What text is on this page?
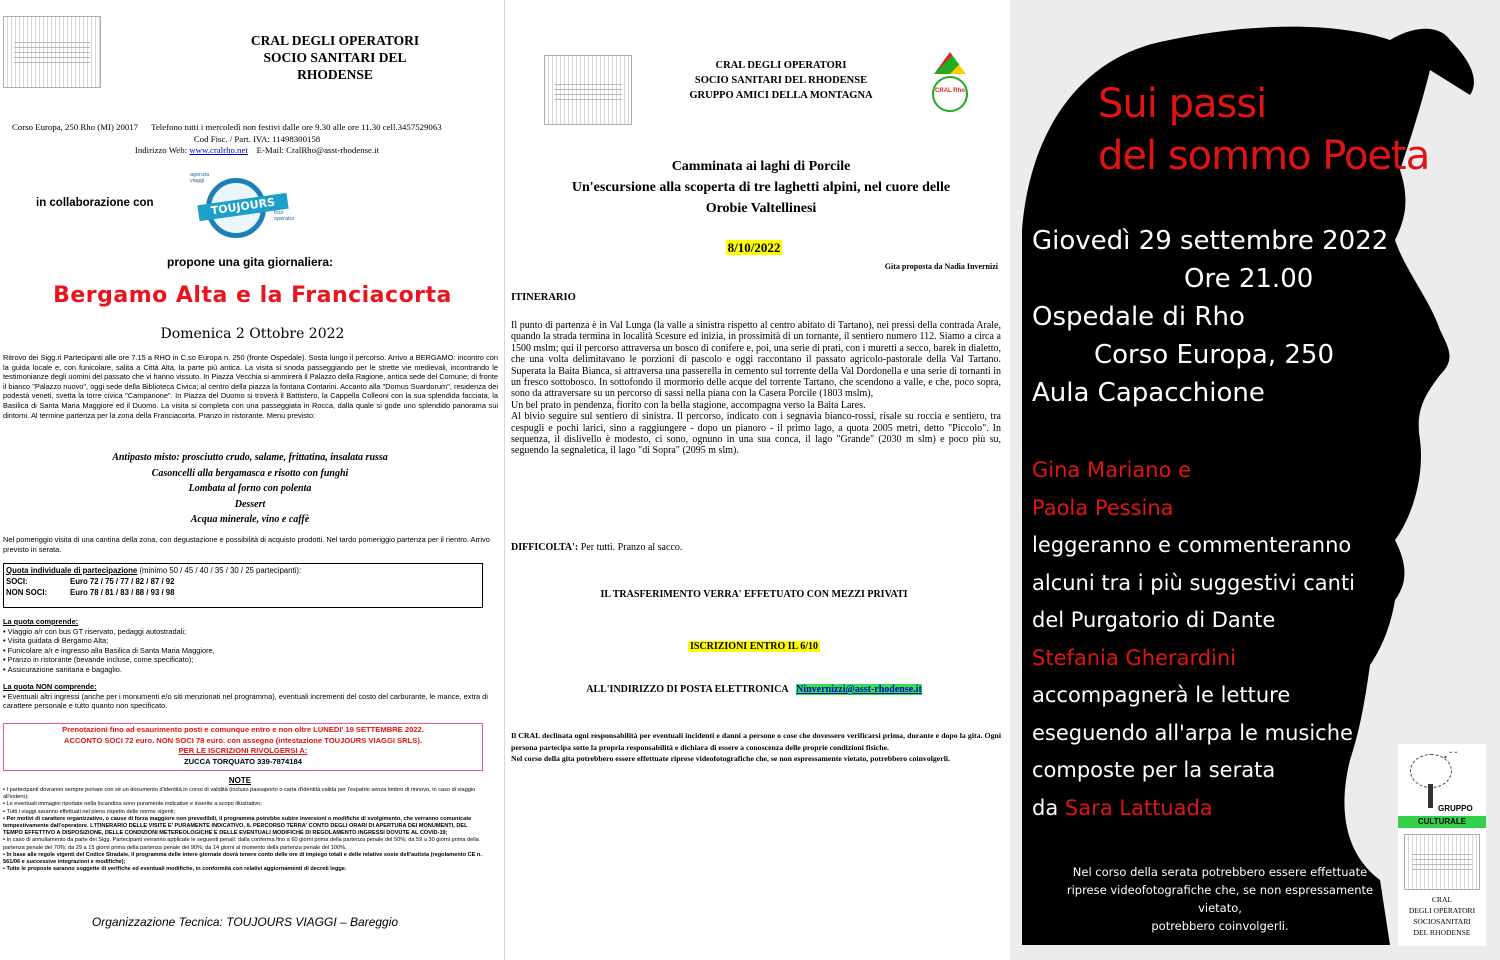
CRAL DEGLI OPERATORI
SOCIO SANITARI DEL
RHODENSE
Corso Europa, 250 Rho (MI) 20017 Telefono tutti i mercoledì non festivi dalle ore 9.30 alle ore 11.30 cell.3457529063
Cod Fisc. / Part. IVA: 11498300158
Indirizzo Web: www.cralrho.net E-Mail: CralRho@asst-rhodense.it
in collaborazione con
agenzia viaggi
TOUJOURS
tour operator
propone una gita giornaliera:
Bergamo Alta e la Franciacorta
Domenica 2 Ottobre 2022
Ritrovo dei Sigg.ri Partecipanti alle ore 7.15 a RHO in C.so Europa n. 250 (fronte Ospedale). Sosta lungo il percorso. Arrivo a BERGAMO: incontro con la guida locale e, con funicolare, salita a Città Alta, la parte più antica. La visita si snoda passeggiando per le strette vie medievali, incontrando le testimonianze degli uomini del passato che vi hanno vissuto. In Piazza Vecchia si ammirerà il Palazzo della Ragione, antica sede del Comune; di fronte il bianco "Palazzo nuovo", oggi sede della Biblioteca Civica; al centro della piazza la fontana Contarini. Accanto alla "Domus Suardorum", residenza dei podestà veneti, svetta la torre civica "Campanone". In Piazza del Duomo si troverà il Battistero, la Cappella Colleoni con la sua splendida facciata, la Basilica di Santa Maria Maggiore ed il Duomo. La visita si completa con una passeggiata in Rocca, dalla quale si gode uno splendido panorama sui dintorni. Al termine partenza per la zona della Franciacorta. Pranzo in ristorante. Menu previsto:
Antipasto misto: prosciutto crudo, salame, frittatina, insalata russa
Casoncelli alla bergamasca e risotto con funghi
Lombata al forno con polenta
Dessert
Acqua minerale, vino e caffè
Nel pomeriggio visita di una cantina della zona, con degustazione e possibilità di acquisto prodotti. Nel tardo pomeriggio partenza per il rientro. Arrivo previsto in serata.
Quota individuale di partecipazione (minimo 50 / 45 / 40 / 35 / 30 / 25 partecipanti):
SOCI:	Euro 72 / 75 / 77 / 82 / 87 / 92
NON SOCI:	Euro 78 / 81 / 83 / 88 / 93 / 98
La quota comprende:
• Viaggio a/r con bus GT riservato, pedaggi autostradali;
• Visita guidata di Bergamo Alta;
• Funicolare a/r e ingresso alla Basilica di Santa Maria Maggiore,
• Pranzo in ristorante (bevande incluse, come specificato);
• Assicurazione sanitaria e bagaglio.
La quota NON comprende:
• Eventuali altri ingressi (anche per i monumenti e/o siti menzionati nel programma), eventuali incrementi del costo del carburante, le mance, extra di carattere personale e tutto quanto non specificato.
Prenotazioni fino ad esaurimento posti e comunque entro e non oltre LUNEDI' 19 SETTEMBRE 2022.
ACCONTO SOCI 72 euro. NON SOCI 78 euro. con assegno (intestazione TOUJOURS VIAGGI SRLS).
PER LE ISCRIZIONI RIVOLGERSI A:
ZUCCA TORQUATO 339-7874184
NOTE
• I partecipanti dovranno sempre portare con sé un documento d'identità in corso di validità (incluso passaporto o carta d'identità valida per l'espatrio senza timbro di rinnovo, in caso di viaggio all'estero);
• Le eventuali immagini riportate nella locandina sono puramente indicative e inserite a scopo illustrativo;
• Tutti i viaggi saranno effettuati nel pieno rispetto delle norme vigenti;
• Per motivi di carattere organizzativo, o cause di forza maggiore non prevedibili, il programma potrebbe subire inversioni o modifiche di svolgimento, che verranno comunicate tempestivamente dall'operatore. L'ITINERARIO DELLE VISITE E' PURAMENTE INDICATIVO, IL PERCORSO TERRA' CONTO DEGLI ORARI DI APERTURA DEI MONUMENTI, DEL TEMPO EFFETTIVO A DISPOSIZIONE, DELLE CONDIZIONI METEREOLOGICHE E DELLE EVENTUALI MODIFICHE DI REGOLAMENTO INGRESSI DOVUTE AL COVID-19;
• In caso di annullamento da parte dei Sigg. Partecipanti verranno applicate le seguenti penali: dalla conferma fino a 60 giorni prima della partenza penale del 50%; da 59 a 30 giorni prima della partenza penale del 70%; da 29 a 15 giorni prima della partenza penale del 90%; da 14 giorni al momento della partenza penale del 100%.
• In base alle regole vigenti del Codice Stradale, il programma delle intere giornate dovrà tenere conto delle ore di impiego totali e delle relative soste dell'autista (regolamento CE n. 561/06 e successive integrazioni e modifiche);
• Tutte le proposte saranno soggette di verifiche ed eventuali modifiche, in conformità con relativi aggiornamenti di decreti legge.
Organizzazione Tecnica: TOUJOURS VIAGGI – Bareggio
CRAL DEGLI OPERATORI
SOCIO SANITARI DEL RHODENSE
GRUPPO AMICI DELLA MONTAGNA	CRAL Rho
Camminata ai laghi di Porcile
Un'escursione alla scoperta di tre laghetti alpini, nel cuore delle
Orobie Valtellinesi
8/10/2022
Gita proposta da Nadia Invernizi
ITINERARIO
Il punto di partenza è in Val Lunga (la valle a sinistra rispetto al centro abitato di Tartano), nei pressi della contrada Arale, quando la strada termina in località Scesure ed inizia, in prossimità di un tornante, il sentiero numero 112. Siamo a circa a 1500 mslm; qui il percorso attraversa un bosco di conifere e, poi, una serie di prati, con i muretti a secco, barek in dialetto, che una volta delimitavano le porzioni di pascolo e oggi raccontano il passato agricolo-pastorale della Val Tartano. Superata la Baita Bianca, si attraversa una passerella in cemento sul torrente della Val Dordonella e una serie di tornanti in un fresco sottobosco. In sottofondo il mormorio delle acque del torrente Tartano, che scendono a valle, e che, poco sopra, sono da attraversare su un percorso di sassi nella piana con la Casera Porcile (1803 mslm),
Un bel prato in pendenza, fiorito con la bella stagione, accompagna verso la Baita Lares.
Al bivio seguire sul sentiero di sinistra. Il percorso, indicato con i segnavia bianco-rossi, risale su roccia e sentiero, tra cespugli e pochi larici, sino a raggiungere - dopo un pianoro - il primo lago, a quota 2005 metri, detto "Piccolo". In sequenza, il dislivello è modesto, ci sono, ognuno in una sua conca, il lago "Grande" (2030 m slm) e poco più su, seguendo la segnaletica, il lago "di Sopra" (2095 m slm).
DIFFICOLTA': Per tutti. Pranzo al sacco.
IL TRASFERIMENTO VERRA' EFFETUATO CON MEZZI PRIVATI
ISCRIZIONI ENTRO IL 6/10
ALL'INDIRIZZO DI POSTA ELETTRONICA Ninvernizzi@asst-rhodense.it
Il CRAL declinata ogni responsabilità per eventuali incidenti e danni a persone o cose che dovessero verificarsi prima, durante e dopo la gita. Ogni persona partecipa sotto la propria responsabilità e dichiara di essere a conoscenza delle proprie condizioni fisiche.
Nel corso della gita potrebbero essere effettuate riprese videofotografiche che, se non espressamente vietato, potrebbero coinvolgerli.
Sui passi
del sommo Poeta
Giovedì 29 settembre 2022
Ore 21.00
Ospedale di Rho
Corso Europa, 250
Aula Capacchione
Gina Mariano e
Paola Pessina
leggeranno e commenteranno
alcuni tra i più suggestivi canti
del Purgatorio di Dante
Stefania Gherardini
accompagnerà le letture
eseguendo all'arpa le musiche
composte per la serata
da Sara Lattuada
Nel corso della serata potrebbero essere effettuate
riprese videofotografiche che, se non espressamente vietato,
potrebbero coinvolgerli.
𝅘 ˇ ˇ
GRUPPO
CULTURALE
CRAL
DEGLI OPERATORI
SOCIOSANITARI
DEL RHODENSE
